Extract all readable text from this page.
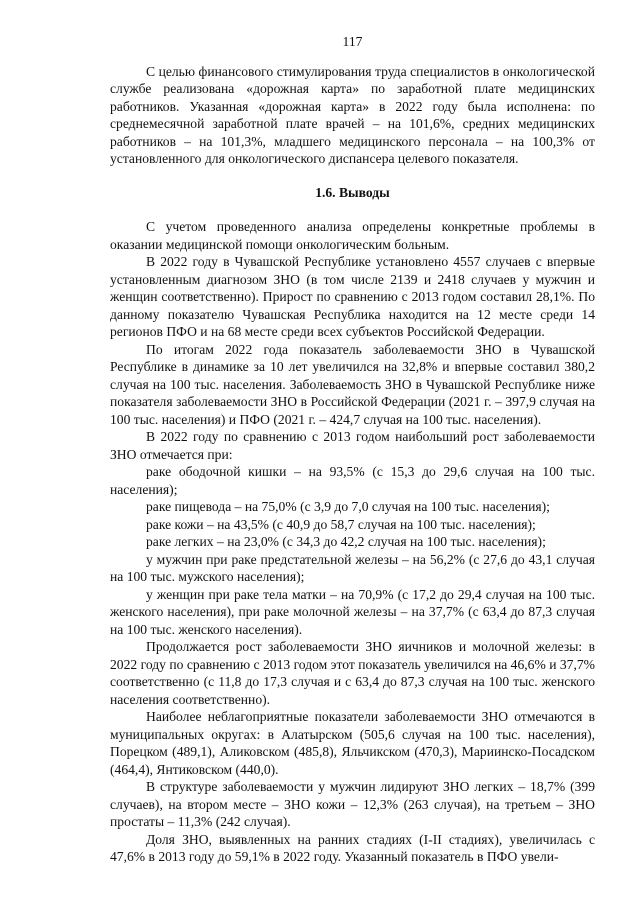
117

С целью финансового стимулирования труда специалистов в онкологической службе реализована «дорожная карта» по заработной плате медицинских работников. Указанная «дорожная карта» в 2022 году была исполнена: по среднемесячной заработной плате врачей – на 101,6%, средних медицинских работников – на 101,3%, младшего медицинского персонала – на 100,3% от установленного для онкологического диспансера целевого показателя.

1.6. Выводы

С учетом проведенного анализа определены конкретные проблемы в оказании медицинской помощи онкологическим больным.

В 2022 году в Чувашской Республике установлено 4557 случаев с впервые установленным диагнозом ЗНО (в том числе 2139 и 2418 случаев у мужчин и женщин соответственно). Прирост по сравнению с 2013 годом составил 28,1%. По данному показателю Чувашская Республика находится на 12 месте среди 14 регионов ПФО и на 68 месте среди всех субъектов Российской Федерации.

По итогам 2022 года показатель заболеваемости ЗНО в Чувашской Республике в динамике за 10 лет увеличился на 32,8% и впервые составил 380,2 случая на 100 тыс. населения. Заболеваемость ЗНО в Чувашской Республике ниже показателя заболеваемости ЗНО в Российской Федерации (2021 г. – 397,9 случая на 100 тыс. населения) и ПФО (2021 г. – 424,7 случая на 100 тыс. населения).

В 2022 году по сравнению с 2013 годом наибольший рост заболеваемости ЗНО отмечается при:

раке ободочной кишки – на 93,5% (с 15,3 до 29,6 случая на 100 тыс. населения);

раке пищевода – на 75,0% (с 3,9 до 7,0 случая на 100 тыс. населения);

раке кожи – на 43,5% (с 40,9 до 58,7 случая на 100 тыс. населения);

раке легких – на 23,0% (с 34,3 до 42,2 случая на 100 тыс. населения);

у мужчин при раке предстательной железы – на 56,2% (с 27,6 до 43,1 случая на 100 тыс. мужского населения);

у женщин при раке тела матки – на 70,9% (с 17,2 до 29,4 случая на 100 тыс. женского населения), при раке молочной железы – на 37,7% (с 63,4 до 87,3 случая на 100 тыс. женского населения).

Продолжается рост заболеваемости ЗНО яичников и молочной железы: в 2022 году по сравнению с 2013 годом этот показатель увеличился на 46,6% и 37,7% соответственно (с 11,8 до 17,3 случая и с 63,4 до 87,3 случая на 100 тыс. женского населения соответственно).

Наиболее неблагоприятные показатели заболеваемости ЗНО отмечаются в муниципальных округах: в Алатырском (505,6 случая на 100 тыс. населения), Порецком (489,1), Аликовском (485,8), Яльчикском (470,3), Мариинско-Посадском (464,4), Янтиковском (440,0).

В структуре заболеваемости у мужчин лидируют ЗНО легких – 18,7% (399 случаев), на втором месте – ЗНО кожи – 12,3% (263 случая), на третьем – ЗНО простаты – 11,3% (242 случая).

Доля ЗНО, выявленных на ранних стадиях (I-II стадиях), увеличилась с 47,6% в 2013 году до 59,1% в 2022 году. Указанный показатель в ПФО увели-
